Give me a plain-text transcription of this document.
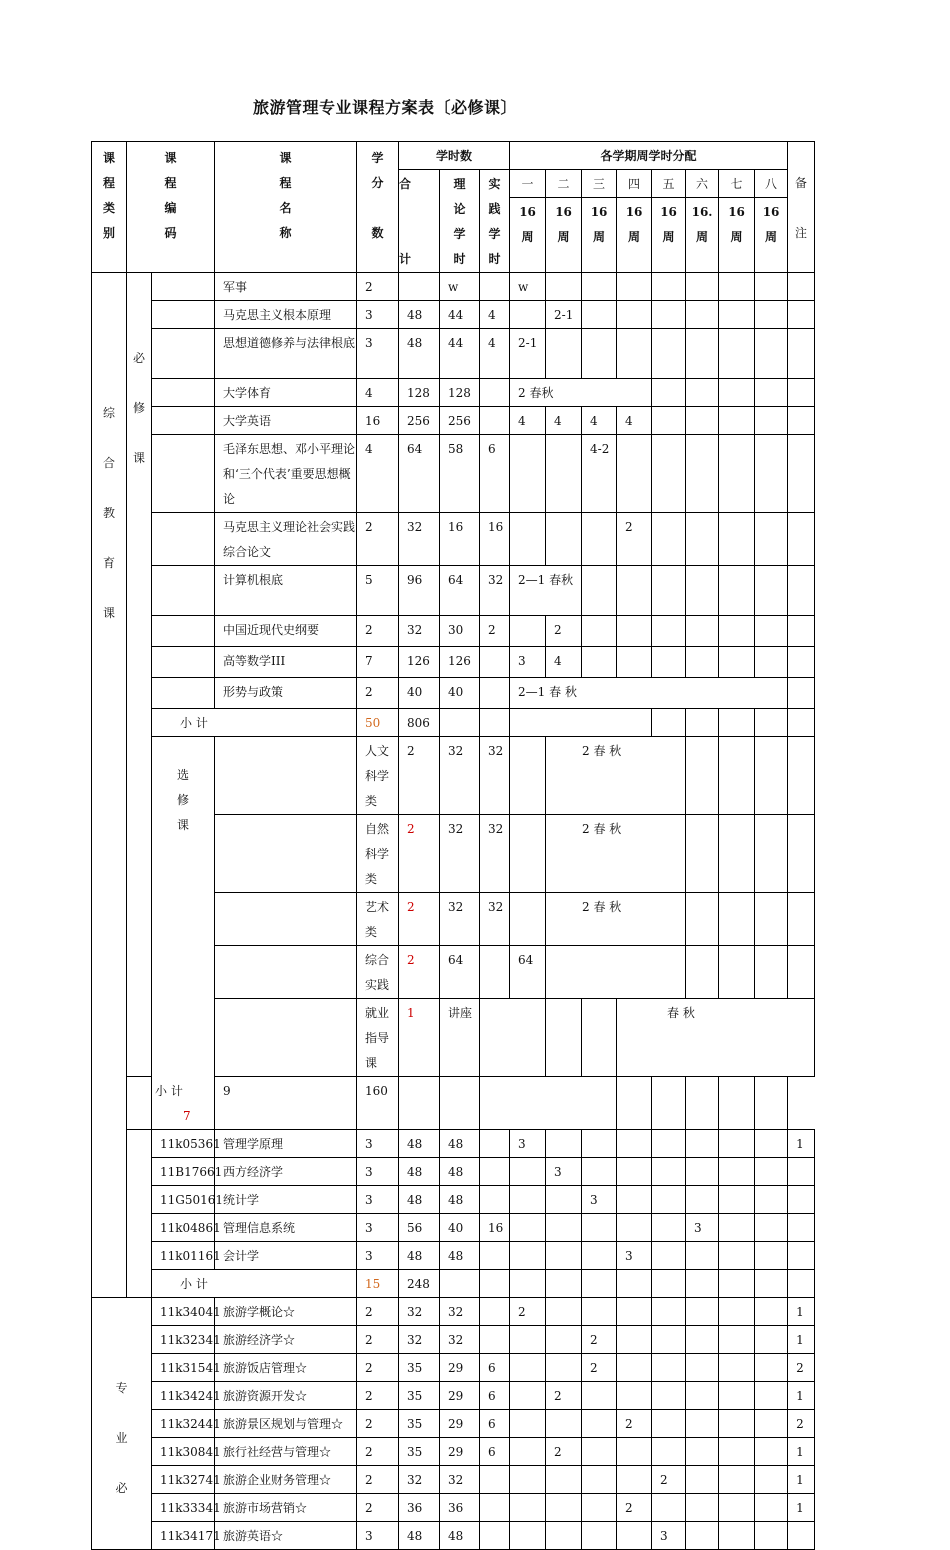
旅游管理专业课程方案表〔必修课〕
课
程
类
别	课
程
编
码		课
程
名
称	学
分
数	学时数			各学期周学时分配								备
注	

					合
计	理
论
学
时	实
践
学
时	一	二	三	四	五	六	七	八		

								16
周	16
周	16
周	16
周	16
周	16.
周	16
周	16
周		

综
合
教
育
课	必
修
课		军事	2		w		w									
			马克思主义根本原理	3	48	44	4		2-1								
			思想道德修养与法律根底	3	48	44	4	2-1									
			大学体育	4	128	128		2 春秋									
			大学英语	16	256	256		4	4	4	4						
			毛泽东思想、邓小平理论和‘三个代表’重要思想概论	4	64	58	6			4-2							
			马克思主义理论社会实践综合论文	2	32	16	16				2						
			计算机根底	5	96	64	32	2—1 春秋									
			中国近现代史纲要	2	32	30	2		2								
			高等数学III	7	126	126		3	4								
			形势与政策	2	40	40		2—1 春 秋									
		小 计		50	806												

		选
修
课		人文科学类	2	32	32		2 春 秋								
				自然科学类	2	32	32		2 春 秋								
				艺术类	2	32	32		2 春 秋								
				综合实践	2	64		64									
				就业指导课	1	讲座					春 秋						
	小 计7		9	160													
		11k05361	管理学原理	3	48	48		3								1	
		11B17661	西方经济学	3	48	48			3								
		11G50161	统计学	3	48	48				3							
		11k04861	管理信息系统	3	56	40	16						3				
		11k01161	会计学	3	48	48					3						
		小 计		15	248												

专
业
必		11k34041	旅游学概论☆	2	32	32		2								1	
		11k32341	旅游经济学☆	2	32	32				2						1	
		11k31541	旅游饭店管理☆	2	35	29	6			2						2	
		11k34241	旅游资源开发☆	2	35	29	6		2							1	
		11k32441	旅游景区规划与管理☆	2	35	29	6				2					2	
		11k30841	旅行社经营与管理☆	2	35	29	6		2							1	
		11k32741	旅游企业财务管理☆	2	32	32						2				1	
		11k33341	旅游市场营销☆	2	36	36					2					1	
		11k34171	旅游英语☆	3	48	48						3					
